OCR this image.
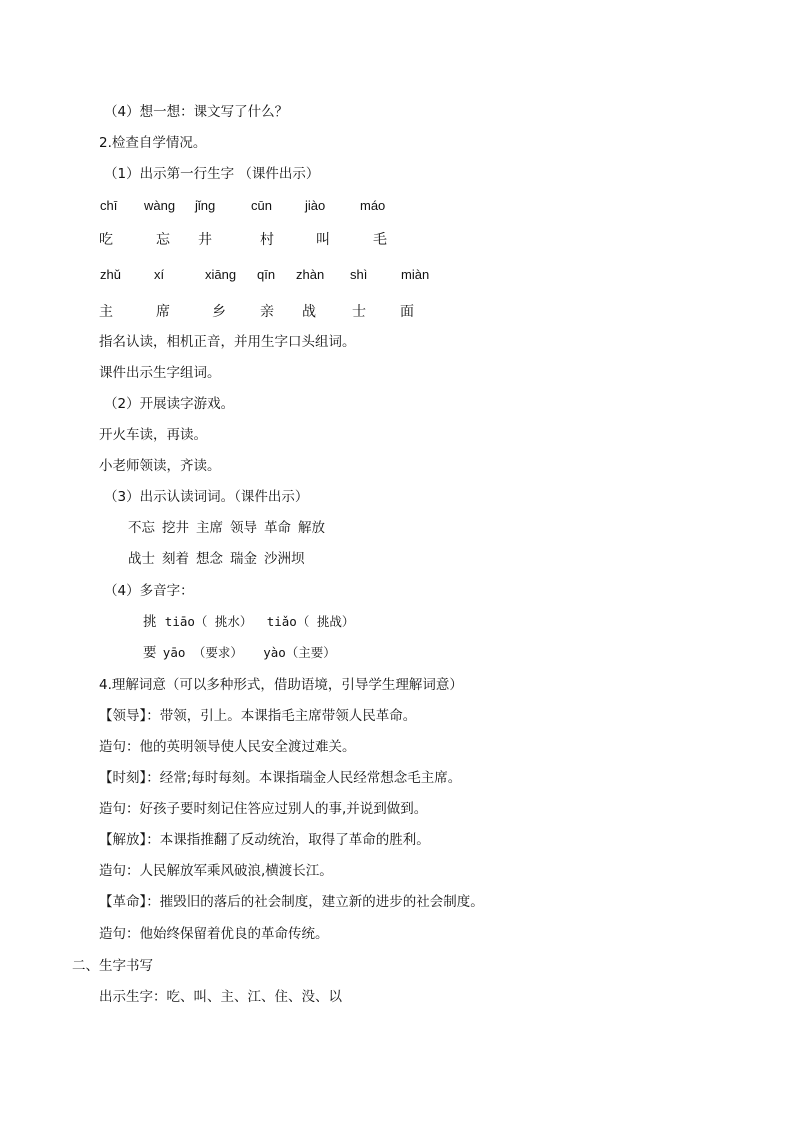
（4）想一想：课文写了什么？
2.检查自学情况。
（1）出示第一行生字 （课件出示）
chī wàng jǐng	cūn	jiào	máo
吃	忘 井	村	叫	毛
zhǔ	xí	xiāng qīn zhàn shì	miàn
主	席	乡 亲 战	士 面
指名认读，相机正音，并用生字口头组词。
课件出示生字组词。
（2）开展读字游戏。
开火车读，再读。
小老师领读，齐读。
（3）出示认读词词。（课件出示）
不忘 挖井 主席 领导 革命 解放
战士 刻着 想念 瑞金 沙洲坝
（4）多音字：
挑 tiāo（ 挑水） tiǎo（ 挑战）
要 yāo （要求） yào（主要）
4.理解词意（可以多种形式，借助语境，引导学生理解词意）
【领导】：带领，引上。本课指毛主席带领人民革命。
造句：他的英明领导使人民安全渡过难关。
【时刻】：经常;每时每刻。本课指瑞金人民经常想念毛主席。
造句：好孩子要时刻记住答应过别人的事,并说到做到。
【解放】：本课指推翻了反动统治，取得了革命的胜利。
造句：人民解放军乘风破浪,横渡长江。
【革命】：摧毁旧的落后的社会制度，建立新的进步的社会制度。
造句：他始终保留着优良的革命传统。
二、生字书写
出示生字：吃、叫、主、江、住、没、以
